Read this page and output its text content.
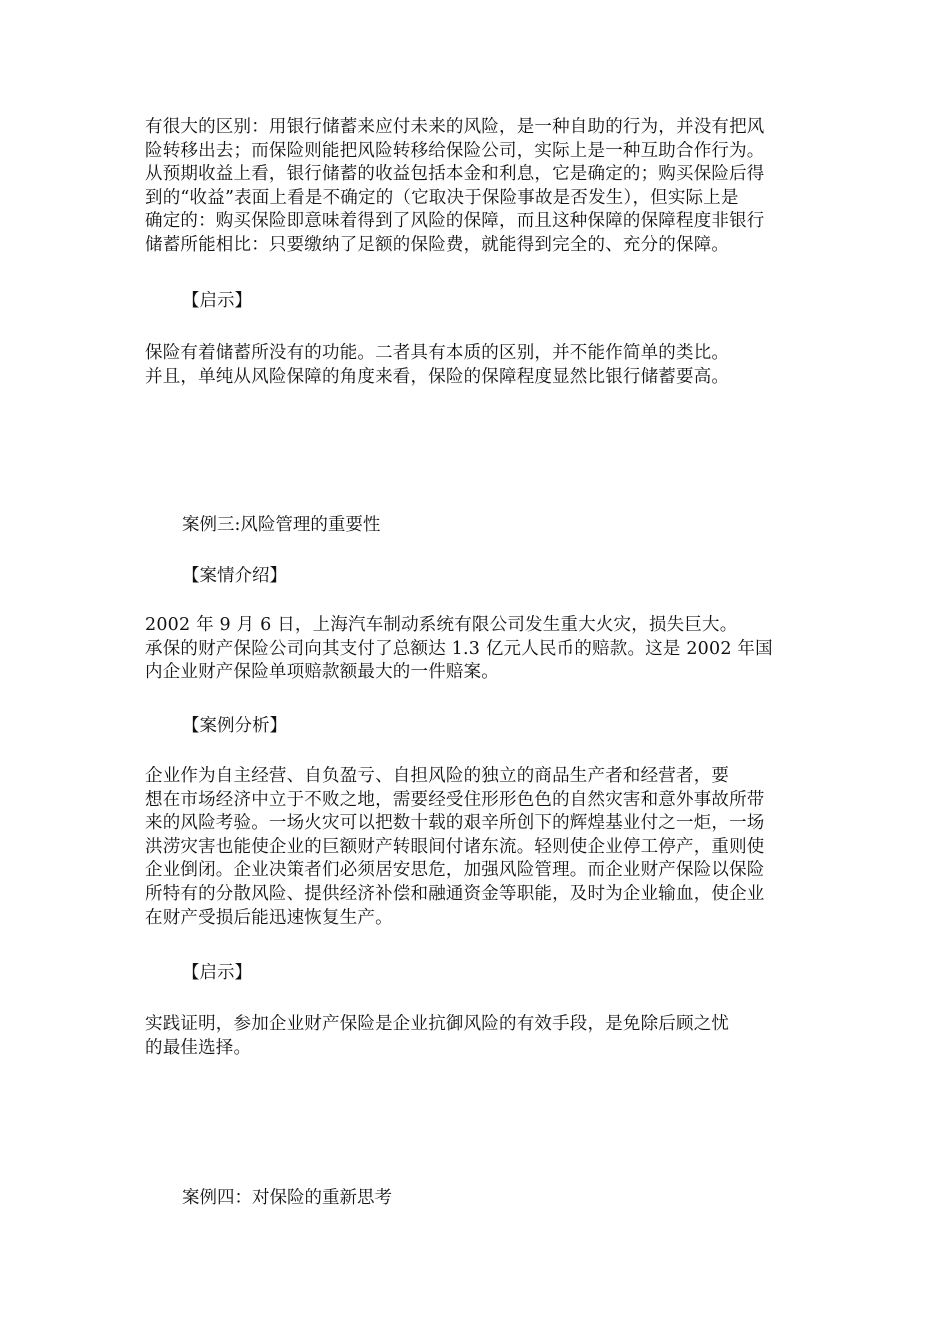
有很大的区别：用银行储蓄来应付未来的风险，是一种自助的行为，并没有把风
险转移出去；而保险则能把风险转移给保险公司，实际上是一种互助合作行为。
从预期收益上看，银行储蓄的收益包括本金和利息，它是确定的；购买保险后得
到的“收益”表面上看是不确定的（它取决于保险事故是否发生），但实际上是
确定的：购买保险即意味着得到了风险的保障，而且这种保障的保障程度非银行
储蓄所能相比：只要缴纳了足额的保险费，就能得到完全的、充分的保障。

【启示】

保险有着储蓄所没有的功能。二者具有本质的区别，并不能作简单的类比。
并且，单纯从风险保障的角度来看，保险的保障程度显然比银行储蓄要高。

案例三:风险管理的重要性

【案情介绍】

2002 年 9 月 6 日，上海汽车制动系统有限公司发生重大火灾，损失巨大。
承保的财产保险公司向其支付了总额达 1.3 亿元人民币的赔款。这是 2002 年国
内企业财产保险单项赔款额最大的一件赔案。

【案例分析】

企业作为自主经营、自负盈亏、自担风险的独立的商品生产者和经营者，要
想在市场经济中立于不败之地，需要经受住形形色色的自然灾害和意外事故所带
来的风险考验。一场火灾可以把数十载的艰辛所创下的辉煌基业付之一炬，一场
洪涝灾害也能使企业的巨额财产转眼间付诸东流。轻则使企业停工停产，重则使
企业倒闭。企业决策者们必须居安思危，加强风险管理。而企业财产保险以保险
所特有的分散风险、提供经济补偿和融通资金等职能，及时为企业输血，使企业
在财产受损后能迅速恢复生产。

【启示】

实践证明，参加企业财产保险是企业抗御风险的有效手段，是免除后顾之忧
的最佳选择。

案例四：对保险的重新思考
